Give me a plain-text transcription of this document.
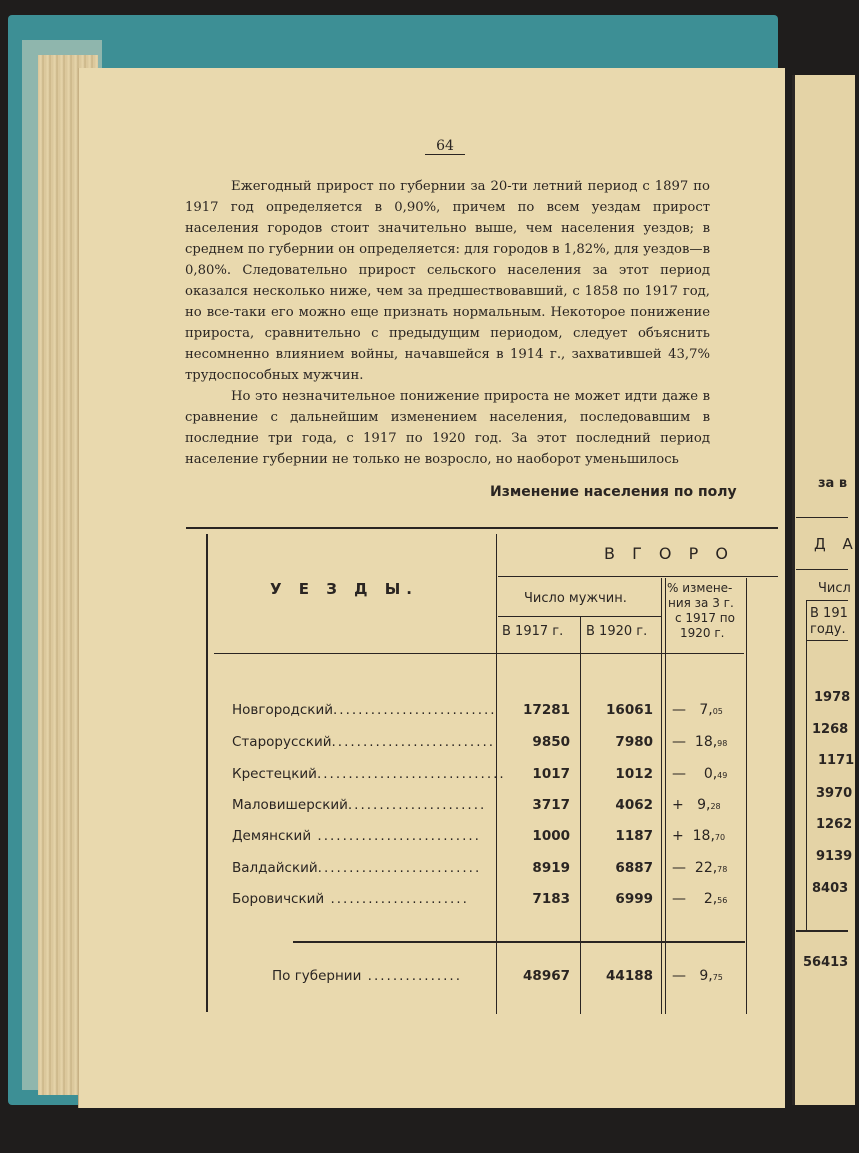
64

Ежегодный прирост по губернии за 20-ти летний период с 1897 по 1917 год определяется в 0,90%, причем по всем уездам прирост населения городов стоит значительно выше, чем населения уездов; в среднем по губернии он определяется: для городов в 1,82%, для уездов—в 0,80%. Следовательно прирост сельского населения за этот период оказался несколько ниже, чем за предшествовавший, с 1858 по 1917 год, но все-таки его можно еще признать нормальным. Некоторое понижение прироста, сравнительно с предыдущим периодом, следует объяснить несомненно влиянием войны, начавшейся в 1914 г., захватившей 43,7% трудоспособных мужчин.

Но это незначительное понижение прироста не может идти даже в сравнение с дальнейшим изменением населения, последовавшим в последние три года, с 1917 по 1920 год. За этот последний период население губернии не только не возросло, но наоборот уменьшилось

Изменение населения по полу
У Е З Д Ы.
В Г О Р О
Число мужчин.
В 1917 г. В 1920 г.
% измене-
ния за 3 г.
с 1917 по
1920 г.
Новгородский..........................	17281	16061 — 7,05
Старорусский..........................	9850	7980 — 18,98
Крестецкий..............................	1017	1012 — 0,49
Маловишерский......................	3717	4062 + 9,28
Демянский ..........................	1000	1187 + 18,70
Валдайский..........................	8919	6887 — 22,78
Боровичский ......................	7183	6999 — 2,56
По губернии ...............	48967	44188 — 9,75
за в
Д А
Числ
В 191
году.
1978
1268
1171
3970
1262
9139
8403
56413
